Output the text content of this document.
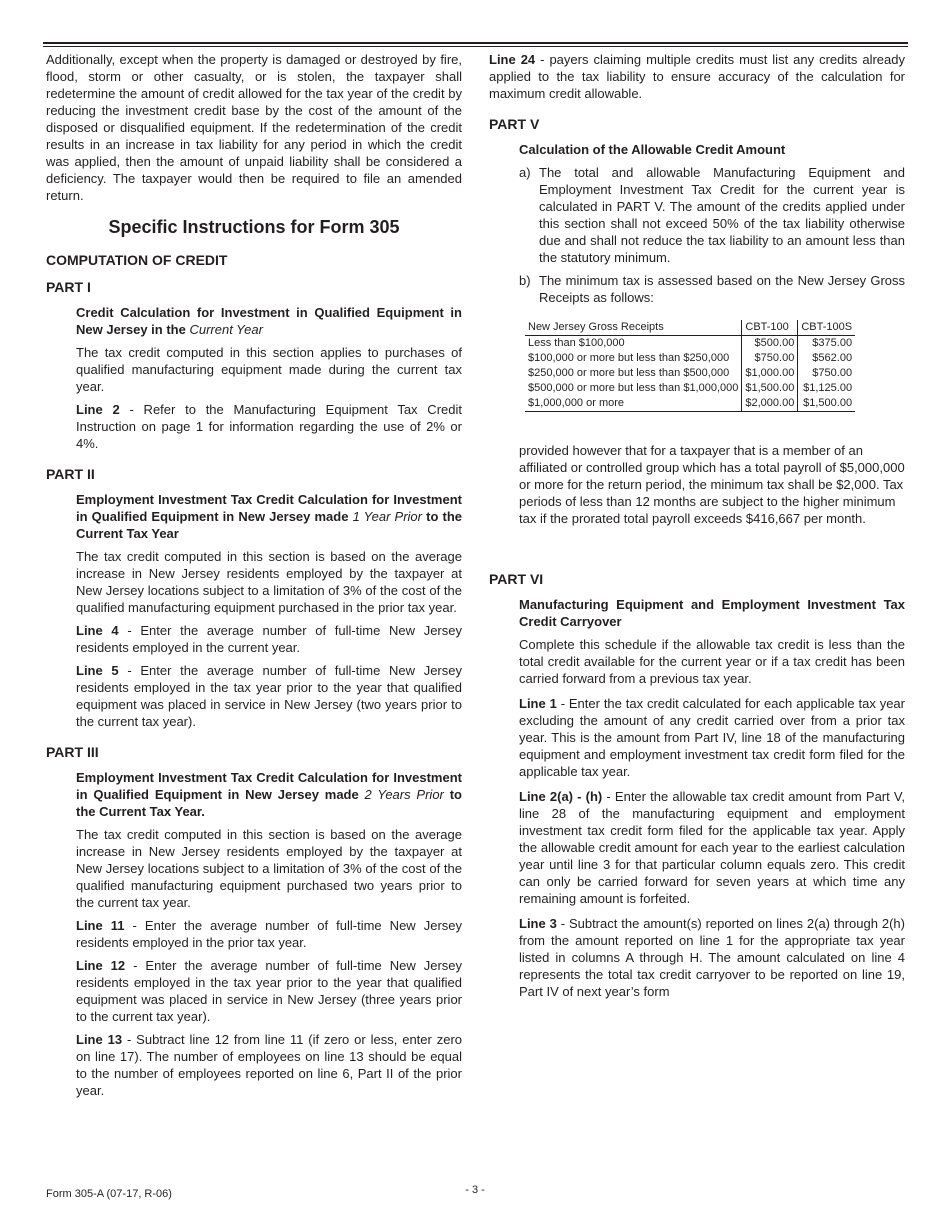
Additionally, except when the property is damaged or destroyed by fire, flood, storm or other casualty, or is stolen, the taxpayer shall redetermine the amount of credit allowed for the tax year of the credit by reducing the investment credit base by the cost of the amount of the disposed or disqualified equipment. If the redetermination of the credit results in an increase in tax liability for any period in which the credit was applied, then the amount of unpaid liability shall be considered a deficiency. The taxpayer would then be required to file an amended return.

Specific Instructions for Form 305
COMPUTATION OF CREDIT
PART I

Credit Calculation for Investment in Qualified Equipment in New Jersey in the Current Year

The tax credit computed in this section applies to purchases of qualified manufacturing equipment made during the current tax year.

Line 2 - Refer to the Manufacturing Equipment Tax Credit Instruction on page 1 for information regarding the use of 2% or 4%.

PART II

Employment Investment Tax Credit Calculation for Investment in Qualified Equipment in New Jersey made 1 Year Prior to the Current Tax Year

The tax credit computed in this section is based on the average increase in New Jersey residents employed by the taxpayer at New Jersey locations subject to a limitation of 3% of the cost of the qualified manufacturing equipment purchased in the prior tax year.

Line 4 - Enter the average number of full-time New Jersey residents employed in the current year.

Line 5 - Enter the average number of full-time New Jersey residents employed in the tax year prior to the year that qualified equipment was placed in service in New Jersey (two years prior to the current tax year).

PART III

Employment Investment Tax Credit Calculation for Investment in Qualified Equipment in New Jersey made 2 Years Prior to the Current Tax Year.

The tax credit computed in this section is based on the average increase in New Jersey residents employed by the taxpayer at New Jersey locations subject to a limitation of 3% of the cost of the qualified manufacturing equipment purchased two years prior to the current tax year.

Line 11 - Enter the average number of full-time New Jersey residents employed in the prior tax year.

Line 12 - Enter the average number of full-time New Jersey residents employed in the tax year prior to the year that qualified equipment was placed in service in New Jersey (three years prior to the current tax year).

Line 13 - Subtract line 12 from line 11 (if zero or less, enter zero on line 17). The number of employees on line 13 should be equal to the number of employees reported on line 6, Part II of the prior year.

Line 24 - payers claiming multiple credits must list any credits already applied to the tax liability to ensure accuracy of the calculation for maximum credit allowable.

PART V

Calculation of the Allowable Credit Amount

a) The total and allowable Manufacturing Equipment and Employment Investment Tax Credit for the current year is calculated in PART V. The amount of the credits applied under this section shall not exceed 50% of the tax liability otherwise due and shall not reduce the tax liability to an amount less than the statutory minimum.
b) The minimum tax is assessed based on the New Jersey Gross Receipts as follows:
New Jersey Gross Receipts	CBT-100	CBT-100S
Less than $100,000	$500.00	$375.00
$100,000 or more but less than $250,000	$750.00	$562.00
$250,000 or more but less than $500,000	$1,000.00	$750.00
$500,000 or more but less than $1,000,000	$1,500.00	$1,125.00
$1,000,000 or more	$2,000.00	$1,500.00

provided however that for a taxpayer that is a member of an affiliated or controlled group which has a total payroll of $5,000,000 or more for the return period, the minimum tax shall be $2,000. Tax periods of less than 12 months are subject to the higher minimum tax if the prorated total payroll exceeds $416,667 per month.

PART VI

Manufacturing Equipment and Employment Investment Tax Credit Carryover

Complete this schedule if the allowable tax credit is less than the total credit available for the current year or if a tax credit has been carried forward from a previous tax year.

Line 1 - Enter the tax credit calculated for each applicable tax year excluding the amount of any credit carried over from a prior tax year. This is the amount from Part IV, line 18 of the manufacturing equipment and employment investment tax credit form filed for the applicable tax year.

Line 2(a) - (h) - Enter the allowable tax credit amount from Part V, line 28 of the manufacturing equipment and employment investment tax credit form filed for the applicable tax year. Apply the allowable credit amount for each year to the earliest calculation year until line 3 for that particular column equals zero. This credit can only be carried forward for seven years at which time any remaining amount is forfeited.

Line 3 - Subtract the amount(s) reported on lines 2(a) through 2(h) from the amount reported on line 1 for the appropriate tax year listed in columns A through H. The amount calculated on line 4 represents the total tax credit carryover to be reported on line 19, Part IV of next year’s form

- 3 -
Form 305-A (07-17, R-06)
